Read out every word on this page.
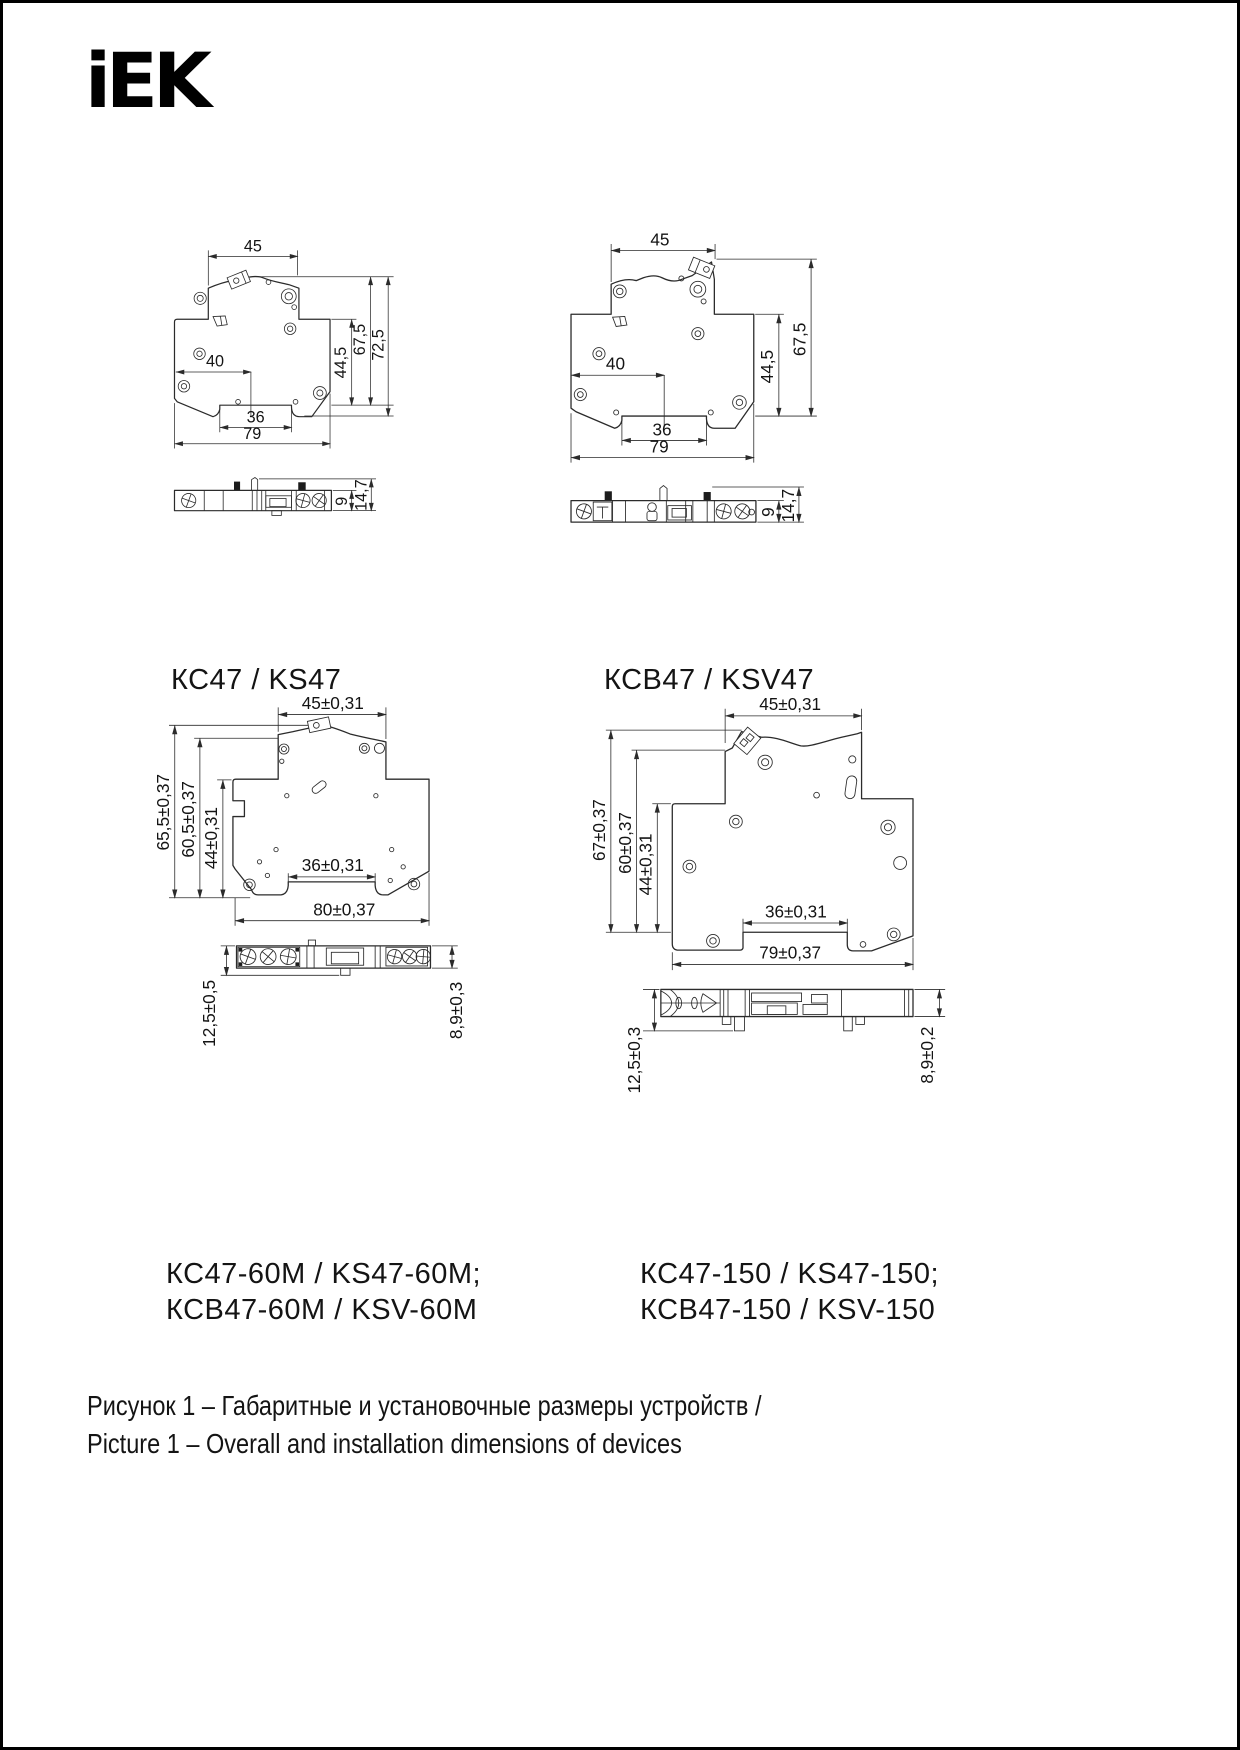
iEK
45
40
36
79
44,5
67,5 72,5
9 14,7
КС47 / KS47
45
40
36
79
44,5
67,5
9 14,7
КСВ47 / KSV47
45±0,31
65,5±0,37 60,5±0,37 44±0,31	36±0,31
80±0,37
12,5±0,5	8,9±0,3
КС47-60М / KS47-60M;
КСВ47-60М / KSV-60M
45±0,31
67±0,37 60±0,37 44±0,31
36±0,31
79±0,37
12,5±0,3	8,9±0,2
КС47-150 / KS47-150;
КСВ47-150 / KSV-150
Рисунок 1 – Габаритные и установочные размеры устройств /
Picture 1 – Overall and installation dimensions of devices
